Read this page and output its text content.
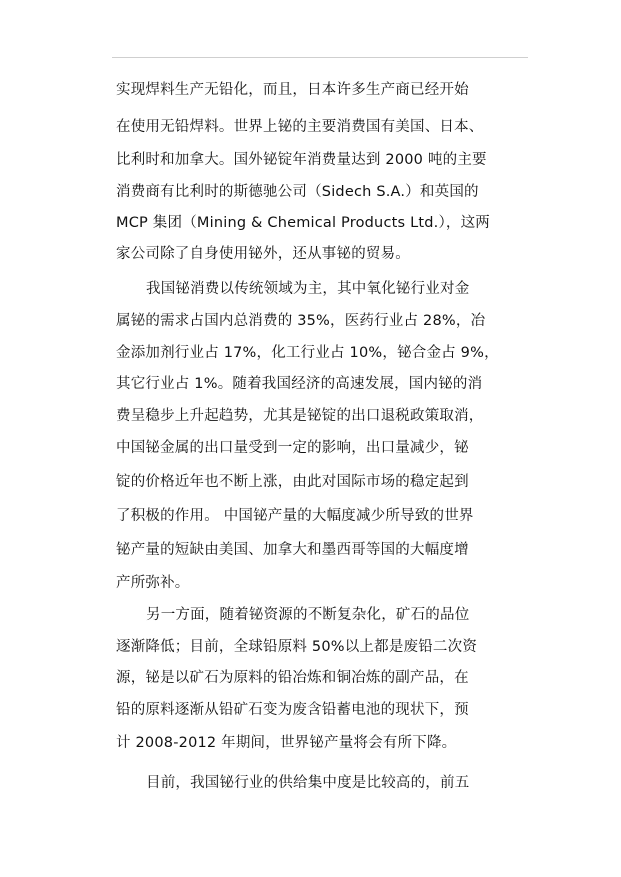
实现焊料生产无铅化，而且，日本许多生产商已经开始
在使用无铅焊料。世界上铋的主要消费国有美国、日本、
比利时和加拿大。国外铋锭年消费量达到 2000 吨的主要
消费商有比利时的斯德驰公司（Sidech S.A.）和英国的
MCP 集团（Mining & Chemical Products Ltd.），这两
家公司除了自身使用铋外，还从事铋的贸易。
我国铋消费以传统领域为主，其中氧化铋行业对金
属铋的需求占国内总消费的 35%，医药行业占 28%，冶
金添加剂行业占 17%，化工行业占 10%，铋合金占 9%，
其它行业占 1%。随着我国经济的高速发展，国内铋的消
费呈稳步上升起趋势，尤其是铋锭的出口退税政策取消，
中国铋金属的出口量受到一定的影响，出口量减少，铋
锭的价格近年也不断上涨，由此对国际市场的稳定起到
了积极的作用。 中国铋产量的大幅度减少所导致的世界
铋产量的短缺由美国、加拿大和墨西哥等国的大幅度增
产所弥补。
另一方面，随着铋资源的不断复杂化，矿石的品位
逐渐降低；目前，全球铅原料 50%以上都是废铅二次资
源，铋是以矿石为原料的铅冶炼和铜冶炼的副产品，在
铅的原料逐渐从铅矿石变为废含铅蓄电池的现状下，预
计 2008-2012 年期间，世界铋产量将会有所下降。
目前，我国铋行业的供给集中度是比较高的，前五
